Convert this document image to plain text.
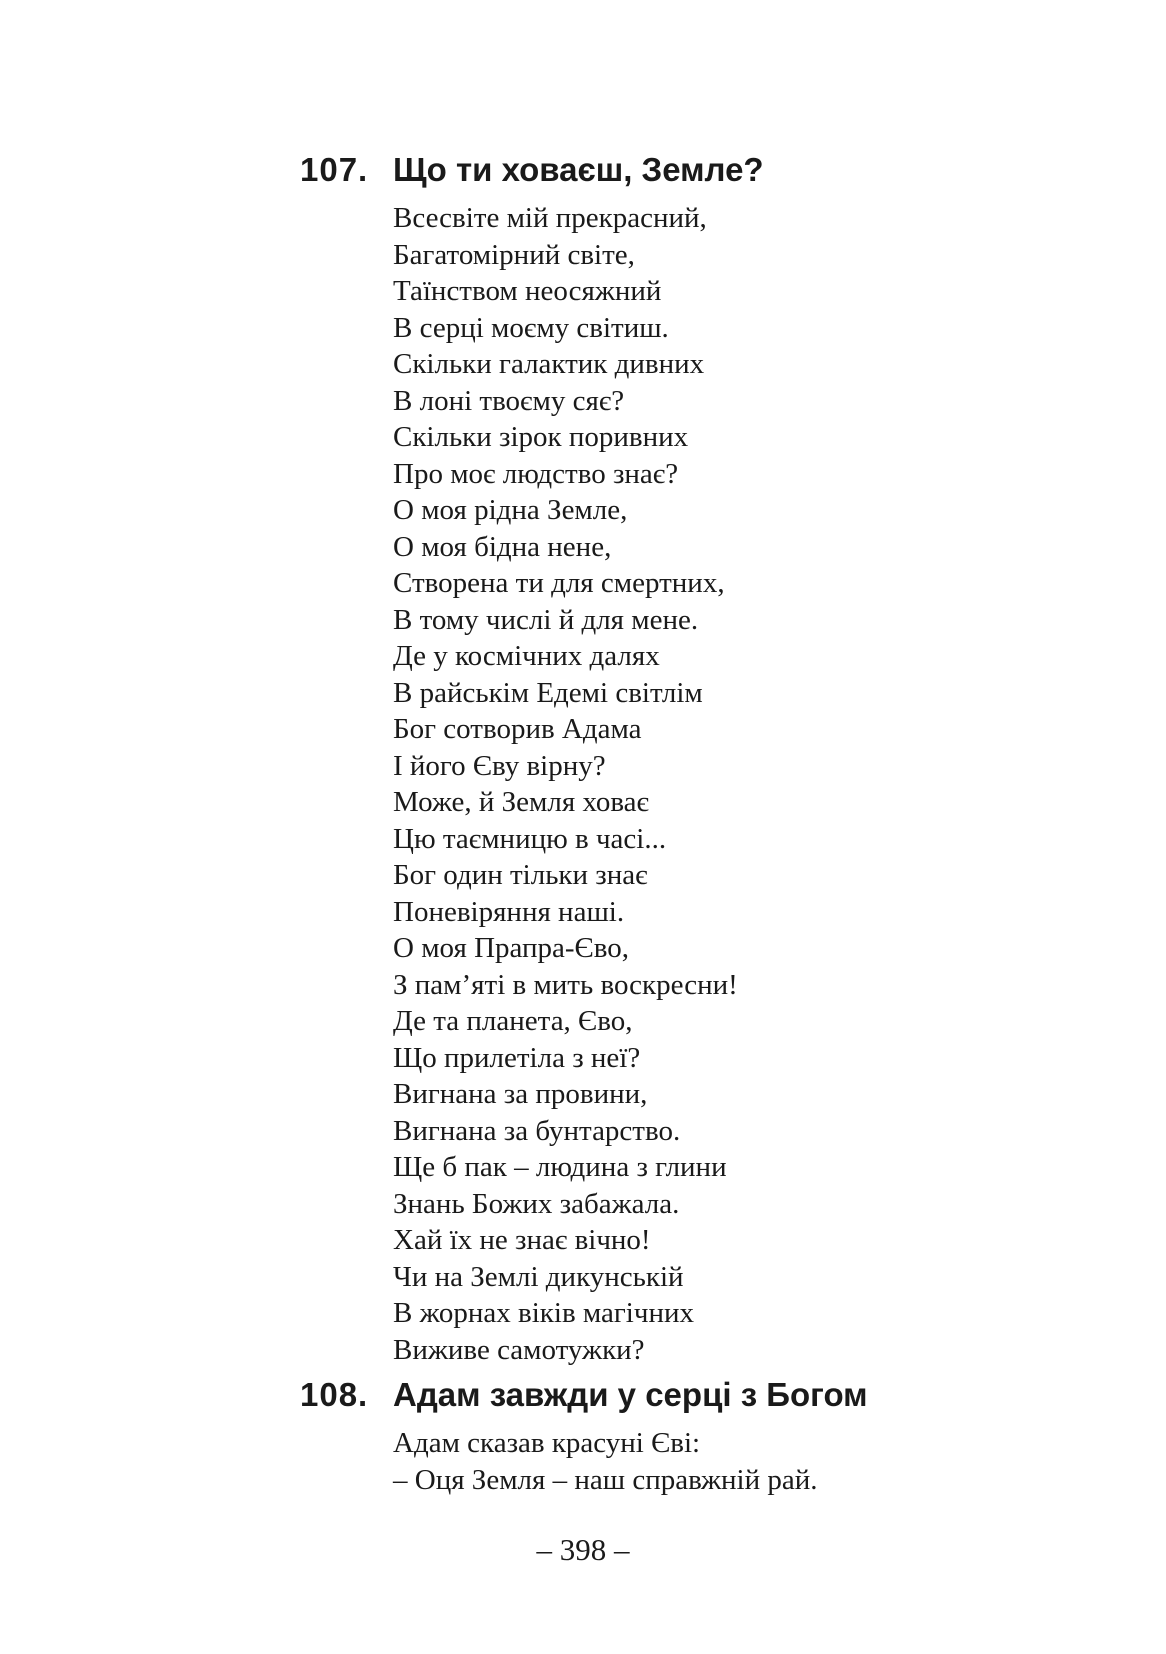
107. Що ти ховаєш, Земле?
Всесвіте мій прекрасний,
Багатомірний світе,
Таїнством неосяжний
В серці моєму світиш.
Скільки галактик дивних
В лоні твоєму сяє?
Скільки зірок поривних
Про моє людство знає?
О моя рідна Земле,
О моя бідна нене,
Створена ти для смертних,
В тому числі й для мене.
Де у космічних далях
В райськім Едемі світлім
Бог сотворив Адама
І його Єву вірну?
Може, й Земля ховає
Цю таємницю в часі...
Бог один тільки знає
Поневіряння наші.
О моя Прапра-Єво,
З пам’яті в мить воскресни!
Де та планета, Єво,
Що прилетіла з неї?
Вигнана за провини,
Вигнана за бунтарство.
Ще б пак – людина з глини
Знань Божих забажала.
Хай їх не знає вічно!
Чи на Землі дикунській
В жорнах віків магічних
Виживе самотужки?
108. Адам завжди у серці з Богом
Адам сказав красуні Єві:
– Оця Земля – наш справжній рай.
– 398 –
